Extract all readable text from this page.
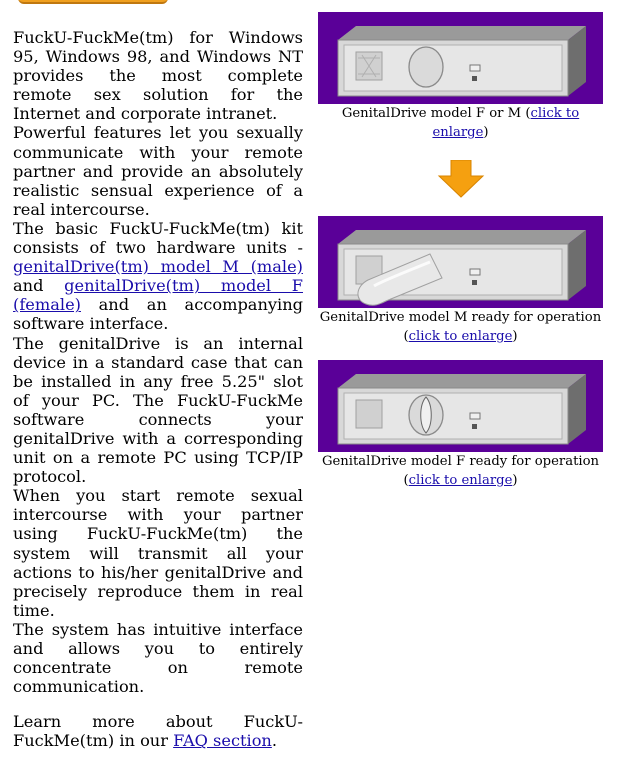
FuckU-FuckMe(tm) for Windows 95, Windows 98, and Windows NT provides the most complete remote sex solution for the Internet and corporate intranet.

Powerful features let you sexually communicate with your remote partner and provide an absolutely realistic sensual experience of a real intercourse.

The basic FuckU-FuckMe(tm) kit consists of two hardware units - genitalDrive(tm) model M (male) and genitalDrive(tm) model F (female) and an accompanying software interface.

The genitalDrive is an internal device in a standard case that can be installed in any free 5.25" slot of your PC. The FuckU-FuckMe software connects your genitalDrive with a corresponding unit on a remote PC using TCP/IP protocol.

When you start remote sexual intercourse with your partner using FuckU-FuckMe(tm) the system will transmit all your actions to his/her genitalDrive and precisely reproduce them in real time.

The system has intuitive interface and allows you to entirely concentrate on remote communication.

Learn more about FuckU-FuckMe(tm) in our FAQ section.

GenitalDrive model F or M (click to enlarge)

GenitalDrive model M ready for operation
(click to enlarge)

GenitalDrive model F ready for operation
(click to enlarge)
